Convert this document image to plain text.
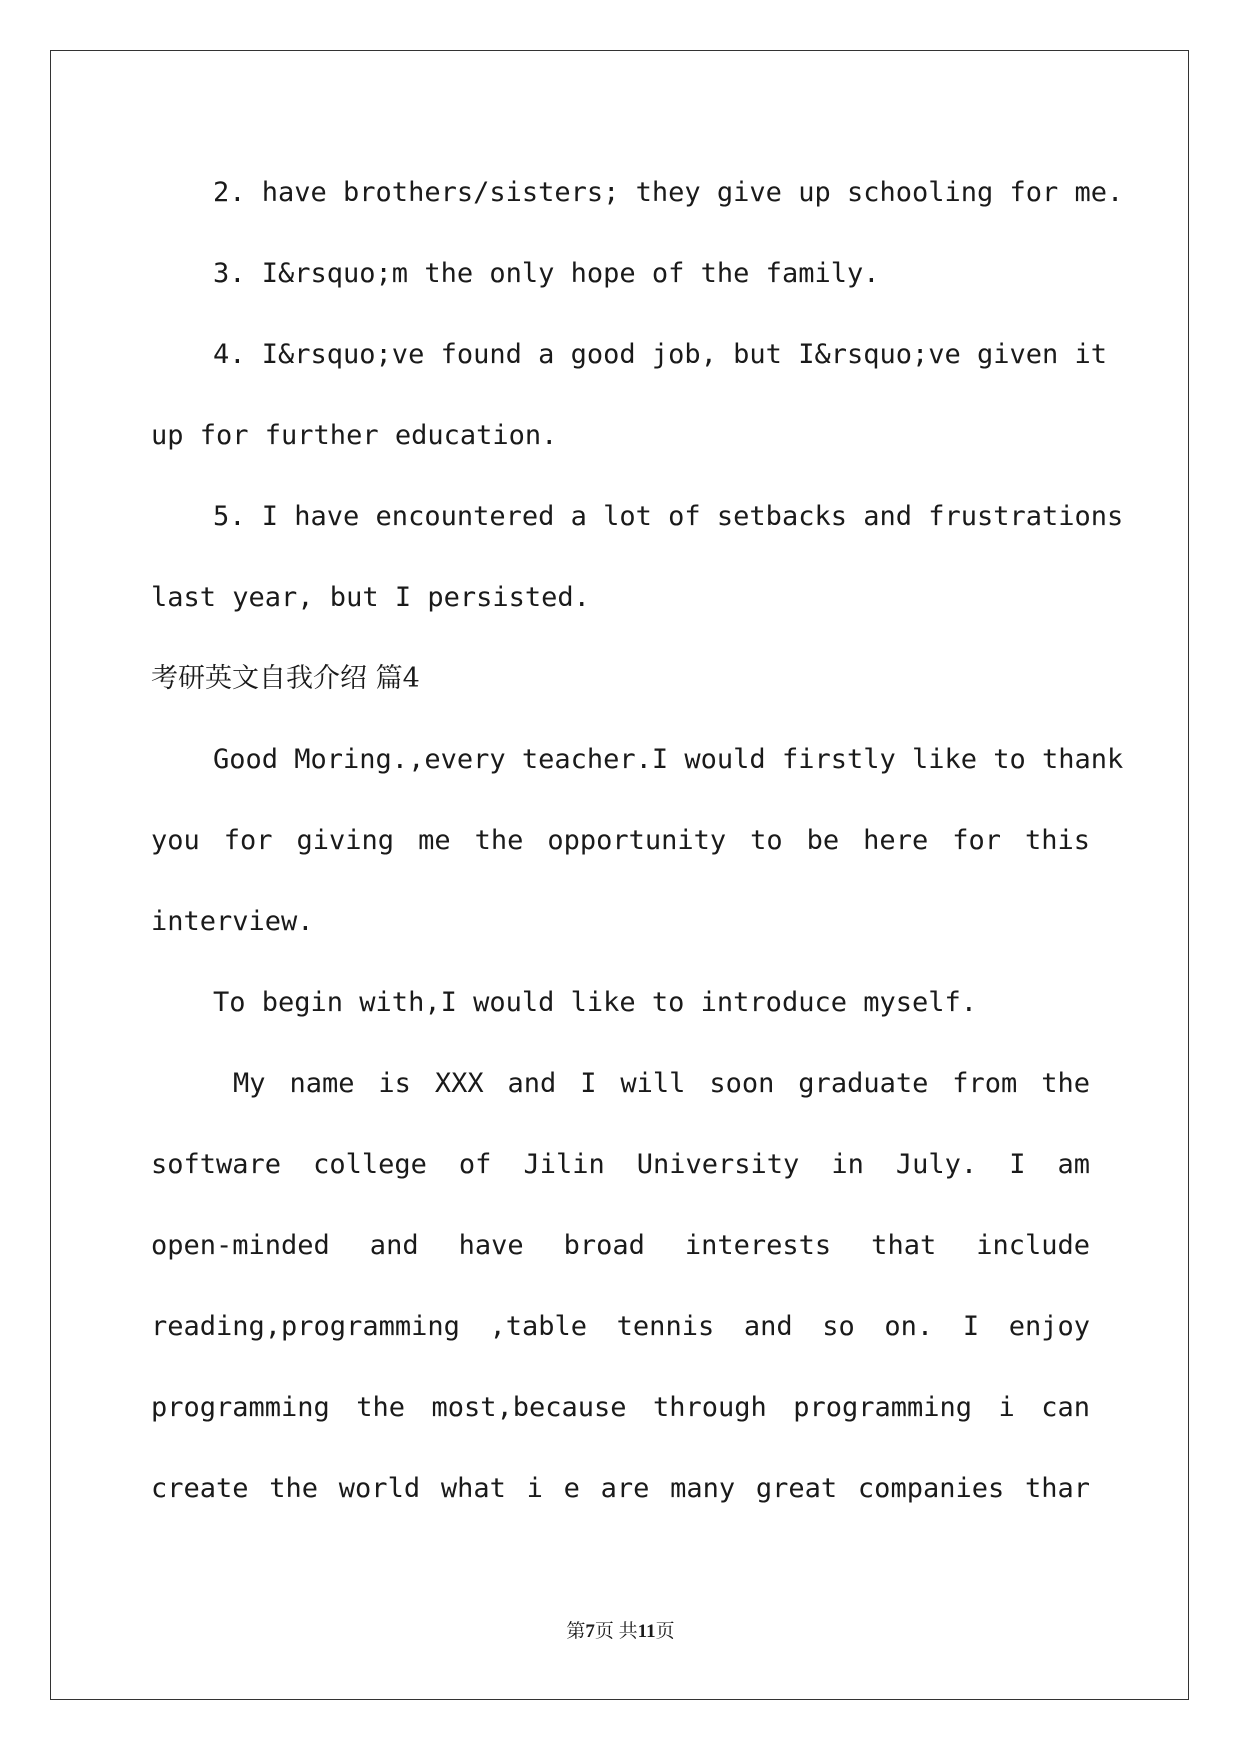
2. have brothers/sisters; they give up schooling for me.
3. I&rsquo;m the only hope of the family.
4. I&rsquo;ve found a good job, but I&rsquo;ve given it
up for further education.
5. I have encountered a lot of setbacks and frustrations
last year, but I persisted.
考研英文自我介绍 篇4
Good Moring.,every teacher.I would firstly like to thank
you for giving me the opportunity to be here for this
interview.
To begin with,I would like to introduce myself.
My name is XXX and I will soon graduate from the
software college of Jilin University in July. I am
open-minded and have broad interests that include
reading,programming ,table tennis and so on. I enjoy
programming the most,because through programming i can
create the world what i e are many great companies thar
第7页 共11页
